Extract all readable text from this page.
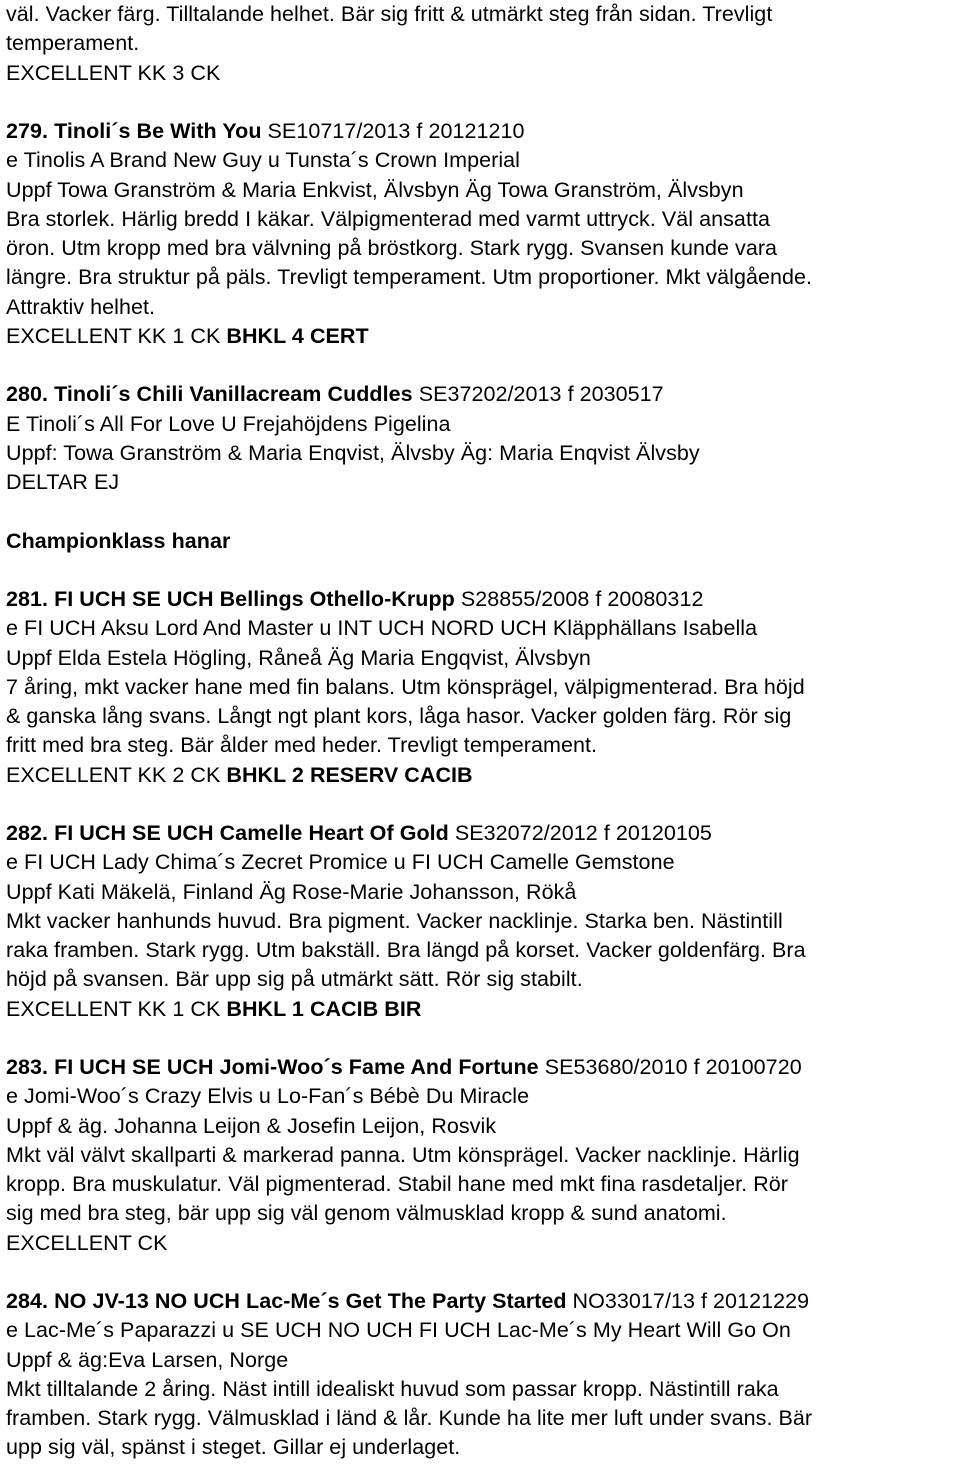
väl. Vacker färg. Tilltalande helhet. Bär sig fritt & utmärkt steg från sidan. Trevligt
temperament.
EXCELLENT KK 3 CK
279. Tinoli´s Be With You SE10717/2013 f 20121210
e Tinolis A Brand New Guy u Tunsta´s Crown Imperial
Uppf Towa Granström & Maria Enkvist, Älvsbyn Äg Towa Granström, Älvsbyn
Bra storlek. Härlig bredd I käkar. Välpigmenterad med varmt uttryck. Väl ansatta
öron. Utm kropp med bra välvning på bröstkorg. Stark rygg. Svansen kunde vara
längre. Bra struktur på päls. Trevligt temperament. Utm proportioner. Mkt välgående.
Attraktiv helhet.
EXCELLENT KK 1 CK BHKL 4 CERT
280. Tinoli´s Chili Vanillacream Cuddles SE37202/2013 f 2030517
E Tinoli´s All For Love U Frejahöjdens Pigelina
Uppf: Towa Granström & Maria Enqvist, Älvsby Äg: Maria Enqvist Älvsby
DELTAR EJ
Championklass hanar
281. FI UCH SE UCH Bellings Othello-Krupp S28855/2008 f 20080312
e FI UCH Aksu Lord And Master u INT UCH NORD UCH Kläpphällans Isabella
Uppf Elda Estela Högling, Råneå Äg Maria Engqvist, Älvsbyn
7 åring, mkt vacker hane med fin balans. Utm könsprägel, välpigmenterad. Bra höjd
& ganska lång svans. Långt ngt plant kors, låga hasor. Vacker golden färg. Rör sig
fritt med bra steg. Bär ålder med heder. Trevligt temperament.
EXCELLENT KK 2 CK BHKL 2 RESERV CACIB
282. FI UCH SE UCH Camelle Heart Of Gold SE32072/2012 f 20120105
e FI UCH Lady Chima´s Zecret Promice u FI UCH Camelle Gemstone
Uppf Kati Mäkelä, Finland Äg Rose-Marie Johansson, Rökå
Mkt vacker hanhunds huvud. Bra pigment. Vacker nacklinje. Starka ben. Nästintill
raka framben. Stark rygg. Utm bakställ. Bra längd på korset. Vacker goldenfärg. Bra
höjd på svansen. Bär upp sig på utmärkt sätt. Rör sig stabilt.
EXCELLENT KK 1 CK BHKL 1 CACIB BIR
283. FI UCH SE UCH Jomi-Woo´s Fame And Fortune SE53680/2010 f 20100720
e Jomi-Woo´s Crazy Elvis u Lo-Fan´s Bébè Du Miracle
Uppf & äg. Johanna Leijon & Josefin Leijon, Rosvik
Mkt väl välvt skallparti & markerad panna. Utm könsprägel. Vacker nacklinje. Härlig
kropp. Bra muskulatur. Väl pigmenterad. Stabil hane med mkt fina rasdetaljer. Rör
sig med bra steg, bär upp sig väl genom välmusklad kropp & sund anatomi.
EXCELLENT CK
284. NO JV-13 NO UCH Lac-Me´s Get The Party Started NO33017/13 f 20121229
e Lac-Me´s Paparazzi u SE UCH NO UCH FI UCH Lac-Me´s My Heart Will Go On
Uppf & äg:Eva Larsen, Norge
Mkt tilltalande 2 åring. Näst intill idealiskt huvud som passar kropp. Nästintill raka
framben. Stark rygg. Välmusklad i länd & lår. Kunde ha lite mer luft under svans. Bär
upp sig väl, spänst i steget. Gillar ej underlaget.
